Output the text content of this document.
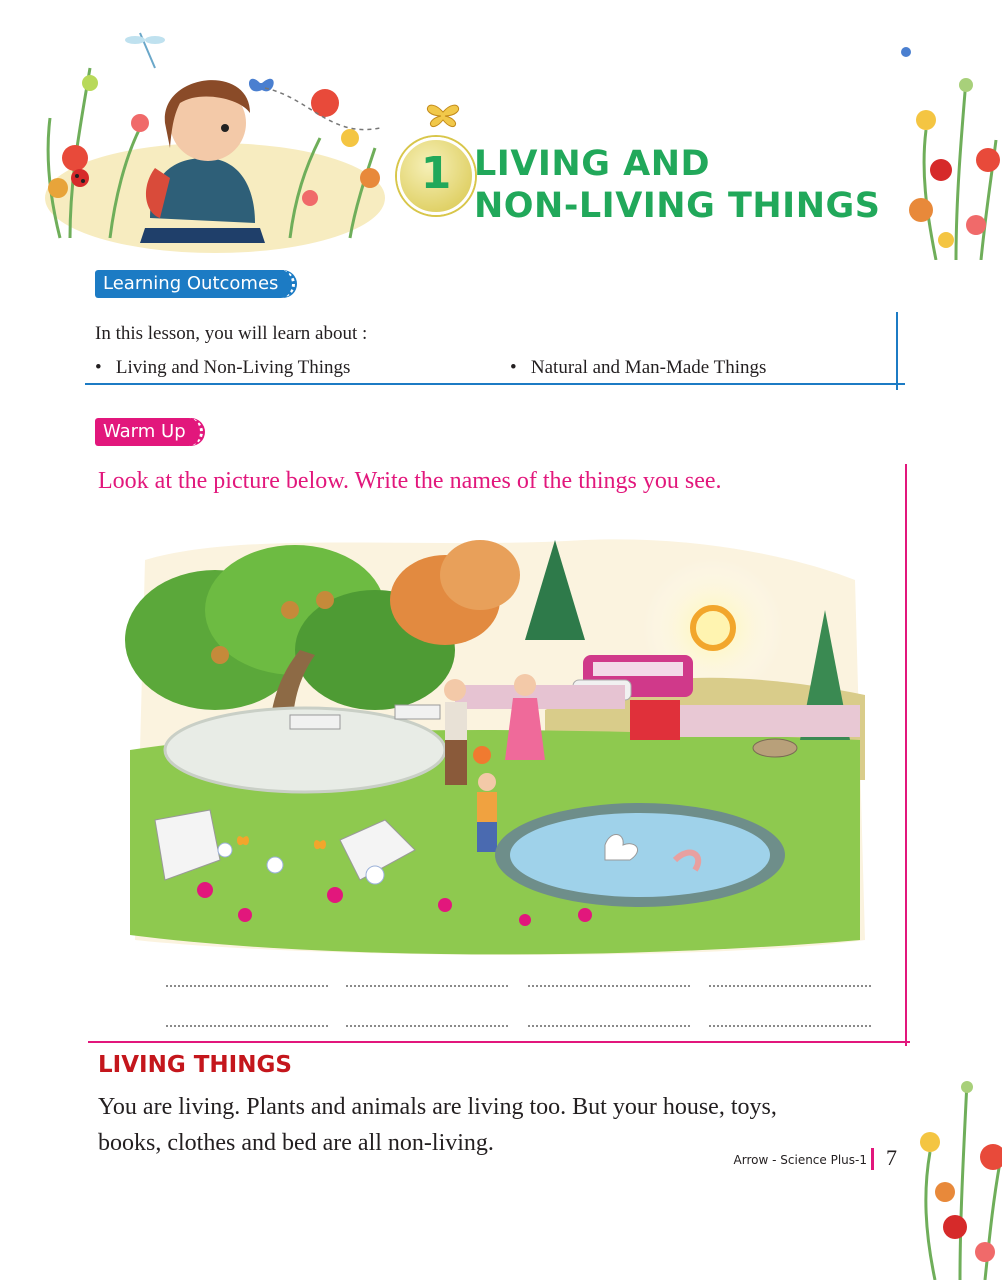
1 LIVING AND
NON-LIVING THINGS
Learning Outcomes
In this lesson, you will learn about :
•   Living and Non-Living Things	•   Natural and Man-Made Things
Warm Up
Look at the picture below. Write the names of the things you see.
LIVING THINGS
You are living. Plants and animals are living too. But your house, toys,
books, clothes and bed are all non-living.
Arrow - Science Plus-1 7
